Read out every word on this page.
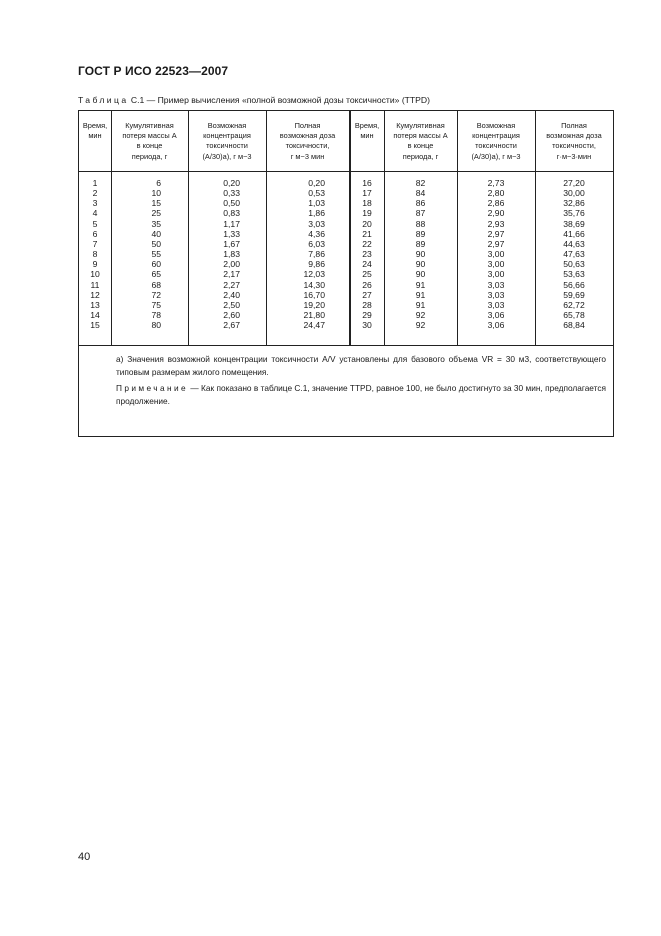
ГОСТ Р ИСО 22523—2007
Таблица С.1 — Пример вычисления «полной возможной дозы токсичности» (TTPD)
Время,
мин
1
2
3
4
5
6
7
8
9
10
11
12
13
14
15
Кумулятивная
потеря массы A
в конце
периода, г
6
10
15
25
35
40
50
55
60
65
68
72
75
78
80
Возможная
концентрация
токсичности
(A/30)a), г м−3
0,20
0,33
0,50
0,83
1,17
1,33
1,67
1,83
2,00
2,17
2,27
2,40
2,50
2,60
2,67
Полная
возможная доза
токсичности,
г м−3 мин
0,20
0,53
1,03
1,86
3,03
4,36
6,03
7,86
9,86
12,03
14,30
16,70
19,20
21,80
24,47
Время,
мин
16
17
18
19
20
21
22
23
24
25
26
27
28
29
30
Кумулятивная
потеря массы A
в конце
периода, г
82
84
86
87
88
89
89
90
90
90
91
91
91
92
92
Возможная
концентрация
токсичности
(A/30)a), г м−3
2,73
2,80
2,86
2,90
2,93
2,97
2,97
3,00
3,00
3,00
3,03
3,03
3,03
3,06
3,06
Полная
возможная доза
токсичности,
г·м−3·мин
27,20
30,00
32,86
35,76
38,69
41,66
44,63
47,63
50,63
53,63
56,66
59,69
62,72
65,78
68,84

a) Значения возможной концентрации токсичности A/V установлены для базового объема VR = 30 м3, соответствующего типовым размерам жилого помещения.

Примечание — Как показано в таблице С.1, значение TTPD, равное 100, не было достигнуто за 30 мин, предполагается продолжение.

40
